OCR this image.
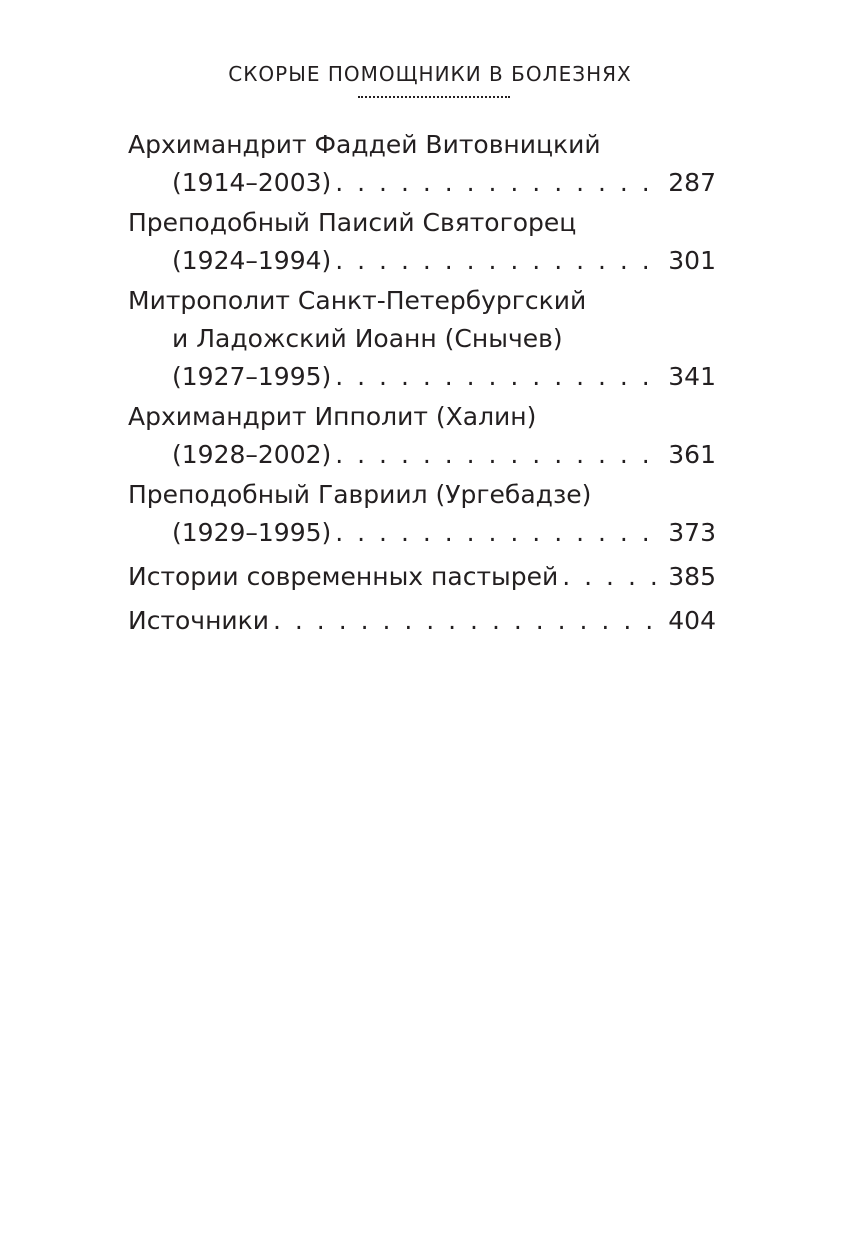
СКОРЫЕ ПОМОЩНИКИ В БОЛЕЗНЯХ
Архимандрит Фаддей Витовницкий
(1914–2003) . . .	287
Преподобный Паисий Святогорец
(1924–1994) . . .	301
Митрополит Санкт-Петербургский
и Ладожский Иоанн (Снычев)
(1927–1995) . . .	341
Архимандрит Ипполит (Халин)
(1928–2002) . . .	361
Преподобный Гавриил (Ургебадзе)
(1929–1995) . . .	373
Истории современных пастырей . . .	385
Источники . . .	404
